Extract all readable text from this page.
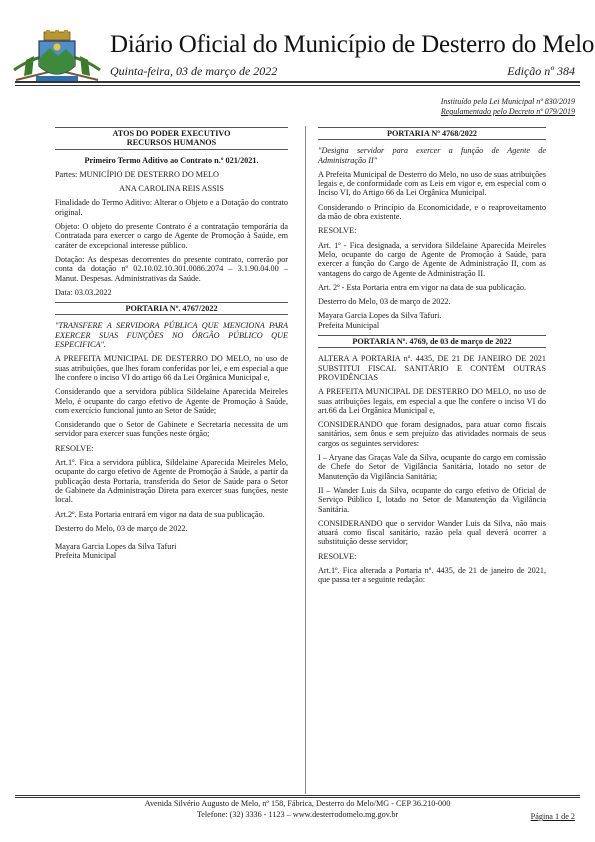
Diário Oficial do Município de Desterro do Melo
Quinta-feira, 03 de março de 2022	Edição nº 384
Instituído pela Lei Municipal nº 830/2019
Regulamentado pelo Decreto nº 079/2019
ATOS DO PODER EXECUTIVO
RECURSOS HUMANOS

Primeiro Termo Aditivo ao Contrato n.º 021/2021.

Partes: MUNICÍPIO DE DESTERRO DO MELO

ANA CAROLINA REIS ASSIS

Finalidade do Termo Aditivo: Alterar o Objeto e a Dotação do contrato original.

Objeto: O objeto do presente Contrato é a contratação temporária da Contratada para exercer o cargo de Agente de Promoção à Saúde, em caráter de excepcional interesse público.

Dotação: As despesas decorrentes do presente contrato, correrão por conta da dotação nº 02.10.02.10.301.0086.2074 – 3.1.90.04.00 – Manut. Despesas. Administrativas da Saúde.

Data: 03.03.2022

PORTARIA Nº. 4767/2022

"TRANSFERE A SERVIDORA PÚBLICA QUE MENCIONA PARA EXERCER SUAS FUNÇÕES NO ÓRGÃO PÚBLICO QUE ESPECIFICA".

A PREFEITA MUNICIPAL DE DESTERRO DO MELO, no uso de suas atribuições, que lhes foram conferidas por lei, e em especial a que lhe confere o inciso VI do artigo 66 da Lei Orgânica Municipal e,

Considerando que a servidora pública Sildelaine Aparecida Meireles Melo, é ocupante do cargo efetivo de Agente de Promoção à Saúde, com exercício funcional junto ao Setor de Saúde;

Considerando que o Setor de Gabinete e Secretaria necessita de um servidor para exercer suas funções neste órgão;

RESOLVE:

Art.1º. Fica a servidora pública, Sildelaine Aparecida Meireles Melo, ocupante do cargo efetivo de Agente de Promoção à Saúde, a partir da publicação desta Portaria, transferida do Setor de Saúde para o Setor de Gabinete da Administração Direta para exercer suas funções, neste local.

Art.2º. Esta Portaria entrará em vigor na data de sua publicação.

Desterro do Melo, 03 de março de 2022.

Mayara Garcia Lopes da Silva Tafuri

Prefeita Municipal

PORTARIA Nº 4768/2022

"Designa servidor para exercer a função de Agente de Administração II"

A Prefeita Municipal de Desterro do Melo, no uso de suas atribuições legais e, de conformidade com as Leis em vigor e, em especial com o Inciso VI, do Artigo 66 da Lei Orgânica Municipal.

Considerando o Princípio da Economicidade, e o reaproveitamento da mão de obra existente.

RESOLVE:

Art. 1º - Fica designada, a servidora Sildelaine Aparecida Meireles Melo, ocupante do cargo de Agente de Promoção à Saúde, para exercer a função do Cargo de Agente de Administração II, com as vantagens do cargo de Agente de Administração II.

Art. 2º - Esta Portaria entra em vigor na data de sua publicação.

Desterro do Melo, 03 de março de 2022.

Mayara Garcia Lopes da Silva Tafuri.

Prefeita Municipal

PORTARIA Nº. 4769, de 03 de março de 2022

ALTERA A PORTARIA nº. 4435, DE 21 DE JANEIRO DE 2021 SUBSTITUI FISCAL SANITÁRIO E CONTÉM OUTRAS PROVIDÊNCIAS

A PREFEITA MUNICIPAL DE DESTERRO DO MELO, no uso de suas atribuições legais, em especial a que lhe confere o inciso VI do art.66 da Lei Orgânica Municipal e,

CONSIDERANDO que foram designados, para atuar como fiscais sanitários, sem ônus e sem prejuízo das atividades normais de seus cargos os seguintes servidores:

I – Aryane das Graças Vale da Silva, ocupante do cargo em comissão de Chefe do Setor de Vigilância Sanitária, lotado no setor de Manutenção da Vigilância Sanitária;

II – Wander Luis da Silva, ocupante do cargo efetivo de Oficial de Serviço Público I, lotado no Setor de Manutenção da Vigilância Sanitária.

CONSIDERANDO que o servidor Wander Luis da Silva, não mais atuará como fiscal sanitário, razão pela qual deverá ocorrer a substituição desse servidor;

RESOLVE:

Art.1º. Fica alterada a Portaria nº. 4435, de 21 de janeiro de 2021, que passa ter a seguinte redação:

Avenida Silvério Augusto de Melo, nº 158, Fábrica, Desterro do Melo/MG - CEP 36.210-000
Telefone: (32) 3336 - 1123 – www.desterrodomelo.mg.gov.br	Página 1 de 2
